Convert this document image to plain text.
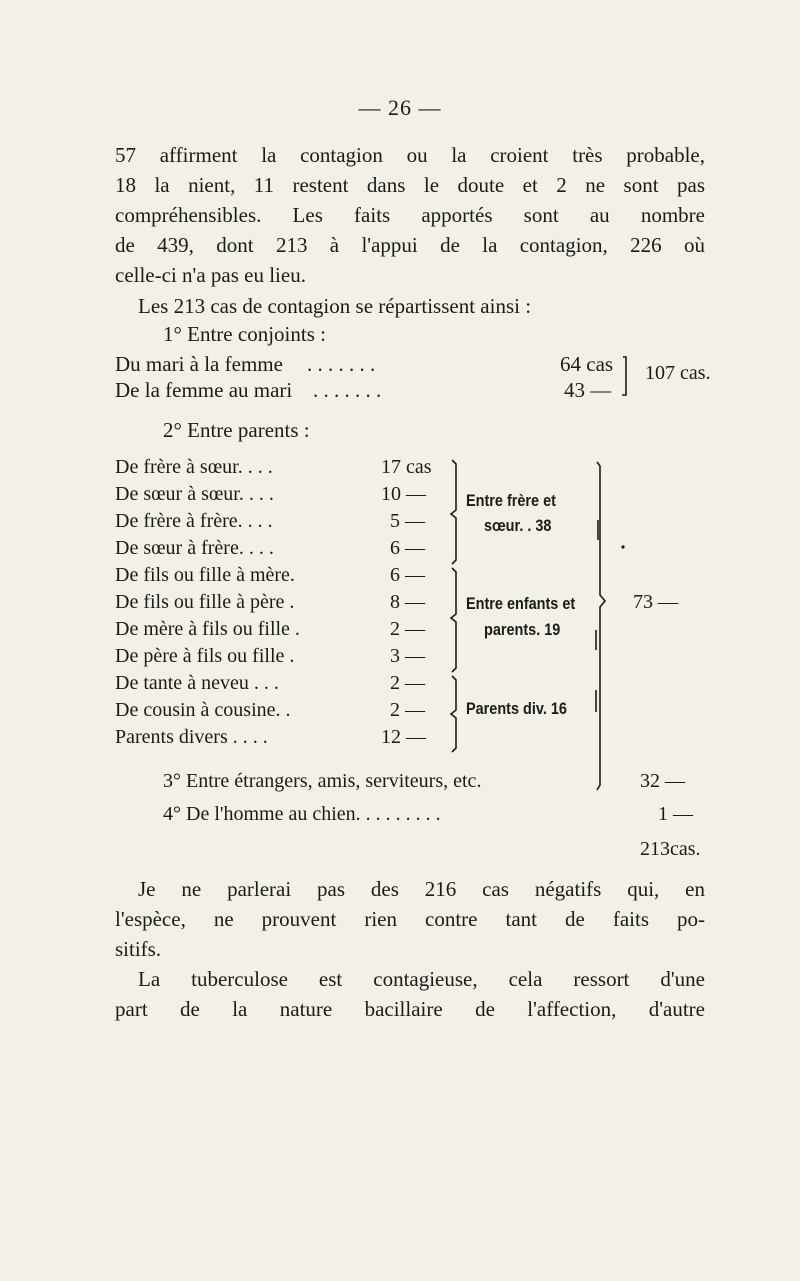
— 26 —
57 affirment la contagion ou la croient très probable,
18 la nient, 11 restent dans le doute et 2 ne sont pas
compréhensibles. Les faits apportés sont au nombre
de 439, dont 213 à l'appui de la contagion, 226 où
celle-ci n'a pas eu lieu.
Les 213 cas de contagion se répartissent ainsi :
1° Entre conjoints :
Du mari à la femme . . . . . . .	64 cas
De la femme au mari . . . . . . .	43 —
107 cas.
2° Entre parents :
De frère à sœur. . . .	17 cas
De sœur à sœur. . . .	10 —
De frère à frère. . . .	5 —
De sœur à frère. . . .	6 —
De fils ou fille à mère.	6 —
De fils ou fille à père .	8 —
De mère à fils ou fille .	2 —
De père à fils ou fille .	3 —
De tante à neveu . . .	2 —
De cousin à cousine. .	2 —
Parents divers . . . .	12 —
Entre frère et
sœur. . 38
Entre enfants et
parents. 19
Parents div. 16
73 —
3° Entre étrangers, amis, serviteurs, etc.	32 —
4° De l'homme au chien. . . . . . . . .	1 —
213cas.
Je ne parlerai pas des 216 cas négatifs qui, en
l'espèce, ne prouvent rien contre tant de faits po-
sitifs.
La tuberculose est contagieuse, cela ressort d'une
part de la nature bacillaire de l'affection, d'autre
